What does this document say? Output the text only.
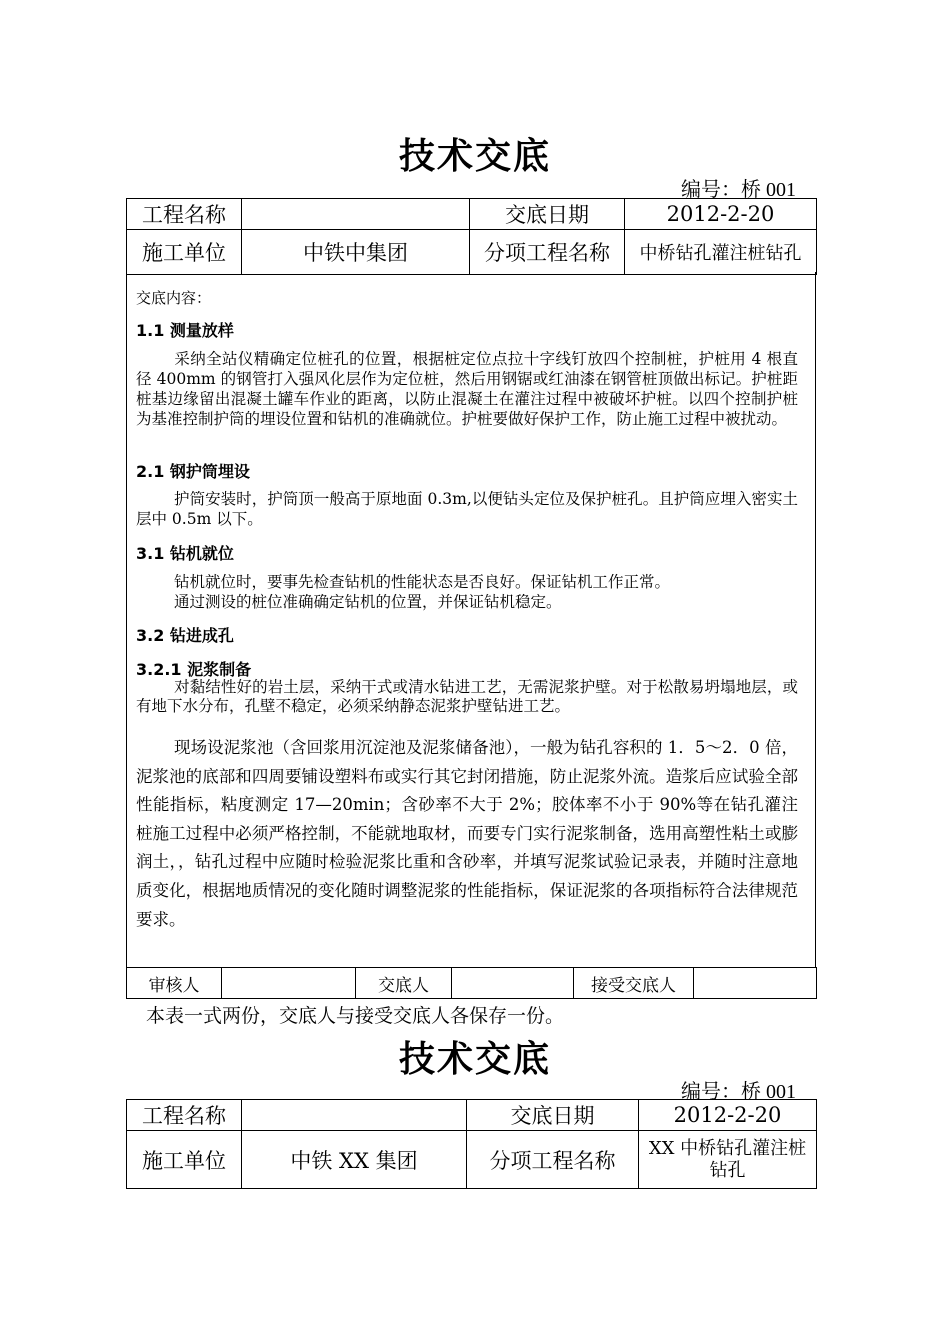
技术交底
编号：桥 001
工程名称		交底日期	2012-2-20
施工单位	中铁中集团	分项工程名称	中桥钻孔灌注桩钻孔
交底内容：
1.1 测量放样
采纳全站仪精确定位桩孔的位置，根据桩定位点拉十字线钉放四个控制桩，护桩用 4 根直径 400mm 的钢管打入强风化层作为定位桩，然后用钢锯或红油漆在钢管桩顶做出标记。护桩距桩基边缘留出混凝土罐车作业的距离，以防止混凝土在灌注过程中被破坏护桩。以四个控制护桩为基准控制护筒的埋设位置和钻机的准确就位。护桩要做好保护工作，防止施工过程中被扰动。
2.1 钢护筒埋设
护筒安装时，护筒顶一般高于原地面 0.3m,以便钻头定位及保护桩孔。且护筒应埋入密实土层中 0.5m 以下。
3.1 钻机就位
钻机就位时，要事先检查钻机的性能状态是否良好。保证钻机工作正常。
通过测设的桩位准确确定钻机的位置，并保证钻机稳定。
3.2 钻进成孔
3.2.1 泥浆制备
对黏结性好的岩土层，采纳干式或清水钻进工艺，无需泥浆护壁。对于松散易坍塌地层，或有地下水分布，孔壁不稳定，必须采纳静态泥浆护壁钻进工艺。
现场设泥浆池（含回浆用沉淀池及泥浆储备池），一般为钻孔容积的 1．5～2．0 倍，泥浆池的底部和四周要铺设塑料布或实行其它封闭措施，防止泥浆外流。造浆后应试验全部性能指标，粘度测定 17—20min；含砂率不大于 2%；胶体率不小于 90%等在钻孔灌注桩施工过程中必须严格控制，不能就地取材，而要专门实行泥浆制备，选用高塑性粘土或膨润土，，钻孔过程中应随时检验泥浆比重和含砂率，并填写泥浆试验记录表，并随时注意地质变化，根据地质情况的变化随时调整泥浆的性能指标，保证泥浆的各项指标符合法律规范要求。
审核人		交底人		接受交底人	
本表一式两份，交底人与接受交底人各保存一份。
技术交底
编号：桥 001
工程名称		交底日期	2012-2-20
施工单位	中铁 XX 集团	分项工程名称	XX 中桥钻孔灌注桩钻孔
